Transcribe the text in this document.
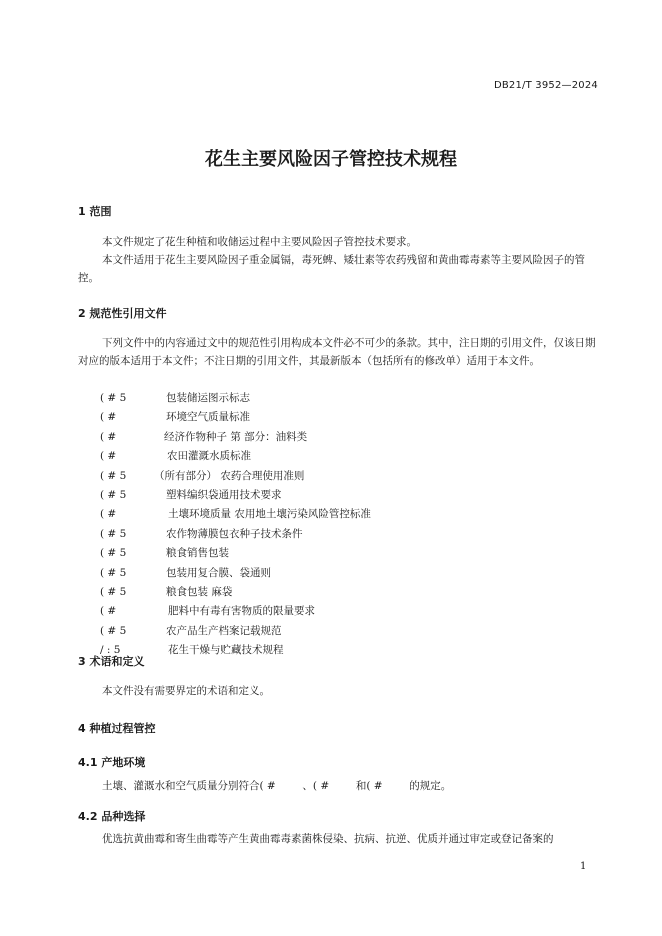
DB21/T 3952—2024
花生主要风险因子管控技术规程
1 范围

本文件规定了花生种植和收储运过程中主要风险因子管控技术要求。

本文件适用于花生主要风险因子重金属镉，毒死蜱、矮壮素等农药残留和黄曲霉毒素等主要风险因子的管控。

2 规范性引用文件

下列文件中的内容通过文中的规范性引用构成本文件必不可少的条款。其中，注日期的引用文件，仅该日期对应的版本适用于本文件；不注日期的引用文件，其最新版本（包括所有的修改单）适用于本文件。

( # 5	包装储运图示标志
( #	环境空气质量标准
( #	经济作物种子 第 部分：油料类
( #	农田灌溉水质标准
( # 5	（所有部分） 农药合理使用准则
( # 5	塑料编织袋通用技术要求
( #	土壤环境质量 农用地土壤污染风险管控标准
( # 5	农作物薄膜包衣种子技术条件
( # 5	粮食销售包装
( # 5	包装用复合膜、袋通则
( # 5	粮食包装 麻袋
( #	肥料中有毒有害物质的限量要求
( # 5	农产品生产档案记载规范
/ : 5	花生干燥与贮藏技术规程
3 术语和定义

本文件没有需要界定的术语和定义。

4 种植过程管控
4.1 产地环境

土壤、灌溉水和空气质量分别符合( #        、( #        和( #        的规定。

4.2 品种选择

优选抗黄曲霉和寄生曲霉等产生黄曲霉毒素菌株侵染、抗病、抗逆、优质并通过审定或登记备案的

1
